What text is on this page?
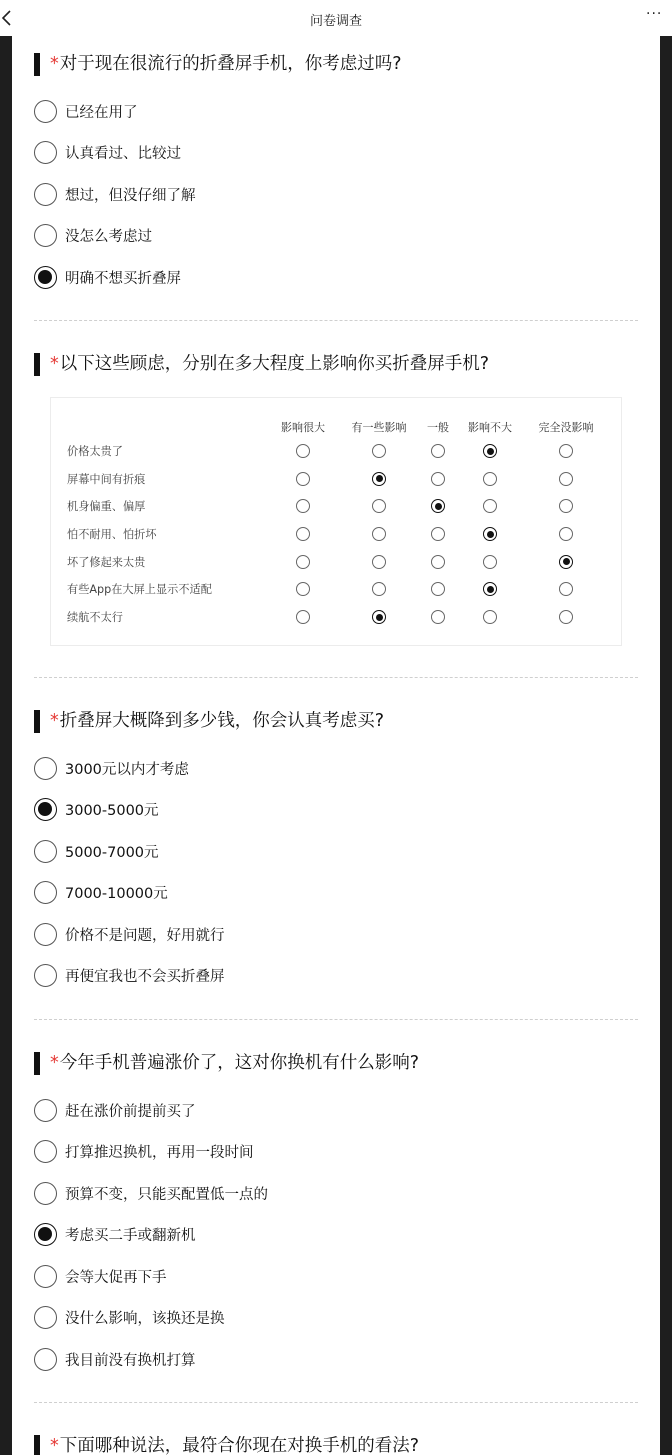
问卷调查	···
*对于现在很流行的折叠屏手机，你考虑过吗?
已经在用了
认真看过、比较过
想过，但没仔细了解
没怎么考虑过
明确不想买折叠屏
*以下这些顾虑，分别在多大程度上影响你买折叠屏手机?
影响很大 有一些影响 一般 影响不大 完全没影响
价格太贵了
屏幕中间有折痕
机身偏重、偏厚
怕不耐用、怕折坏
坏了修起来太贵
有些App在大屏上显示不适配
续航不太行
*折叠屏大概降到多少钱，你会认真考虑买?
3000元以内才考虑
3000-5000元
5000-7000元
7000-10000元
价格不是问题，好用就行
再便宜我也不会买折叠屏
*今年手机普遍涨价了，这对你换机有什么影响?
赶在涨价前提前买了
打算推迟换机，再用一段时间
预算不变，只能买配置低一点的
考虑买二手或翻新机
会等大促再下手
没什么影响，该换还是换
我目前没有换机打算
*下面哪种说法，最符合你现在对换手机的看法?
